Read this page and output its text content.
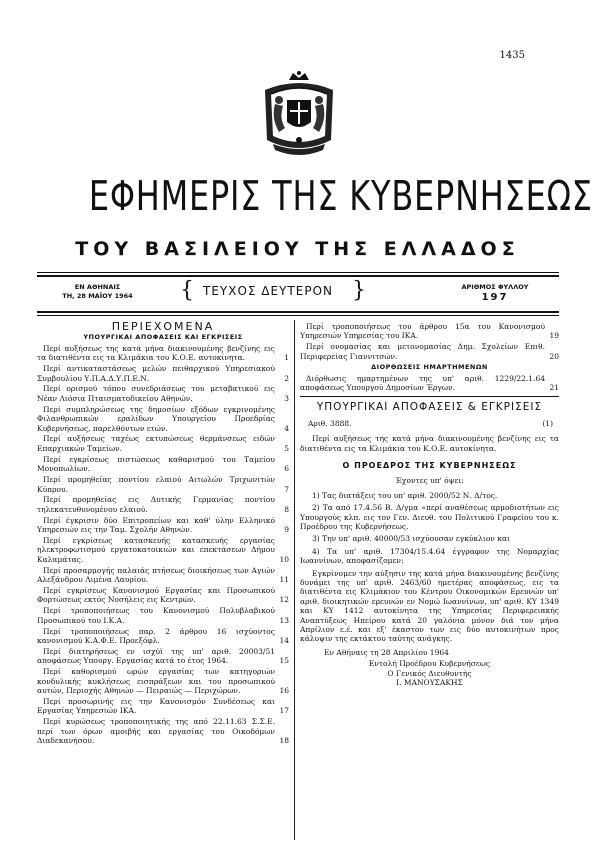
1435
ΕΦΗΜΕΡΙΣ ΤΗΣ ΚΥΒΕΡΝΗΣΕΩΣ
ΤΟΥ ΒΑΣΙΛΕΙΟΥ ΤΗΣ ΕΛΛΑΔΟΣ
ΕΝ ΑΘΗΝΑΙΣ
ΤΗ, 28 ΜΑΪΟΥ 1964	{ ΤΕΥΧΟΣ ΔΕΥΤΕΡΟΝ }	ΑΡΙΘΜΟΣ ΦΥΛΛΟΥ
197
ΠΕΡΙΕΧΟΜΕΝΑ
ΥΠΟΥΡΓΙΚΑΙ ΑΠΟΦΑΣΕΙΣ ΚΑΙ ΕΓΚΡΙΣΕΙΣ
Περί αυξήσεως της κατά μήνα διακινουμένης βενζίνης εις τα διατιθέντα εις τα Κλιμάκια του Κ.Ο.Ε. αυτοκίνητα.	1
Περί αντικαταστάσεως μελών πειθαρχικού Υπηρεσιακού Συμβουλίου Υ.Π.Α.Δ.Υ.Π.Ε.Ν.	2
Περί ορισμού τόπου συνεδριάσεως του μεταβατικού εις Νέαν Λιόσια Πταισματοδικείου Αθηνών.	3
Περί συμπληρώσεως της δημοσίων εξόδων εγκρινομένης Φιλανθρωπικών εραλίδων Υπουργείου Προεδρίας Κυβερνήσεως, παρελθόντων ετών.	4
Περί αυξήσεως ταχέως εκτυπώσεως θερμάνσεως ειδών Επαρχιακών Ταμείων.	5
Περί εγκρίσεως πιστώσεως καθαρισμού του Ταμείου Μονοπωλίων.	6
Περί προμηθείας ποντίου ελαιού Αιτωλών Τριχωνιτών Κύπρου.	7
Περί προμηθείας εις Δυτικής Γερμανίας ποντίου τηλεκατευθυνομένου ελαιού.	8
Περί έγκρισιν δύο Επιτροπείων και καθ' ύλην Ελληνικό Υπηρεσιών εις την Ταμ. Σχολήν Αθηνών.	9
Περί εγκρίσεως κατασκευής κατασκευής εργασίας ηλεκτροφωτισμού εργατοκατοικιών και επεκτάσεων Δήμου Καλαμάτας.	10
Περί προσαρμογής παλαιάς πτήσεως διοικήσεως των Αγιών Αλεξάνδρου Λιμένα Λαυρίου.	11
Περί εγκρίσεως Κανονισμού Εργασίας και Προσωπικού Φορτώσεως εκτός Νοσήλεις εις Κεντρών.	12
Περί τροποποιήσεως του Κανονισμού Πολυβλαβικού Προσωπικού του Ι.Κ.Α.	13
Περί τροποποιήσεως παρ. 2 άρθρου 16 ισχύοντος κανονισμού Κ.Α.Φ.Ε. Προεξόφλ.	14
Περί διατηρήσεως εν ισχύϊ της υπ' αριθ. 20003/51 αποφάσεως Υπουργ. Εργασίας κατά το έτος 1964.	15
Περί καθορισμού ωρών εργασίας των κατηγοριών κονδυλικής κυκλήσεως εισπράξεων και του προσωπικού αυτών, Περιοχής Αθηνών — Πειραιώς — Περιχώρων.	16
Περί προσωρινής εις την Κανονισμόν Συνδέσεως και Εργασίας Υπηρεσιών ΙΚΑ.	17
Περί κυρώσεως τροποποιητικής της από 22.11.63 Σ.Σ.Ε. περί των όρων αμοιβής και εργασίας του Οικοδόμων Διαδεκανήσου.	18
Περί τροποποιήσεως του άρθρου 15α του Κανονισμού Υπηρεσιών Υπηρεσίας του ΙΚΑ.	19
Περί ονομασίας και μετονομασίας Δημ. Σχολείων Επιθ. Περιφερείας Γιαννιτσών.	20
ΔΙΟΡΘΩΣΕΙΣ ΗΜΑΡΤΗΜΕΝΩΝ
Διόρθωσις ημαρτημένων της υπ' αριθ. 1229/22.1.64 αποφάσεως Υπουργού Δημοσίων Έργων.	21
ΥΠΟΥΡΓΙΚΑΙ ΑΠΟΦΑΣΕΙΣ & ΕΓΚΡΙΣΕΙΣ
Αριθ. 3888.	(1)
Περί αυξήσεως της κατά μήνα διακινουμένης βενζίνης εις τα διατιθέντα εις τα Κλιμάκια του Κ.Ο.Ε. αυτοκίνητα.
Ο ΠΡΟΕΔΡΟΣ ΤΗΣ ΚΥΒΕΡΝΗΣΕΩΣ
Έχοντες υπ' όψει:
1) Τας διατάξεις του υπ' αριθ. 2000/52 Ν. Δ/τος.
2) Τα από 17.4.56 Β. Δ/γμα «περί αναθέσεως αρμοδιοτήτων εις Υπουργούς κλπ. εις τον Γεν. Διευθ. του Πολιτικού Γραφείου του κ. Προέδρου της Κυβερνήσεως.
3) Την υπ' αριθ. 40000/53 ισχύουσαν εγκύκλιον και
4) Τα υπ' αριθ. 17304/15.4.64 έγγραφον της Νομαρχίας Ιωαννίνων, αποφασίζομεν:
Εγκρίνομεν την αύξησιν της κατά μήνα διακινουμένης βενζίνης δυνάμει της υπ' αριθ. 2463/60 ημετέρας αποφάσεως, εις τα διατιθέντα εις Κλιμάκιον του Κέντρου Οικονομικών Ερευνών υπ' αριθ. διοικητικών ερευνών εν Νομώ Ιωαννίνων, υπ' αριθ. ΚΥ 1349 και ΚΥ 1412 αυτοκίνητα της Υπηρεσίας Περιφερειακής Αναπτύξεως Ηπείρου κατά 20 γαλόνια μόνον διά τον μήνα Απρίλιον ε.έ. και εξ' έκαστον των εις δύο αυτοκινήτων προς κάλυψιν της εκτάκτου ταύτης ανάγκης.
Εν Αθήναις τη 28 Απριλίου 1964
Εντολή Προέδρου Κυβερνήσεως
Ο Γενικός Διευθυντής
Ι. ΜΑΝΟΥΣΑΚΗΣ
